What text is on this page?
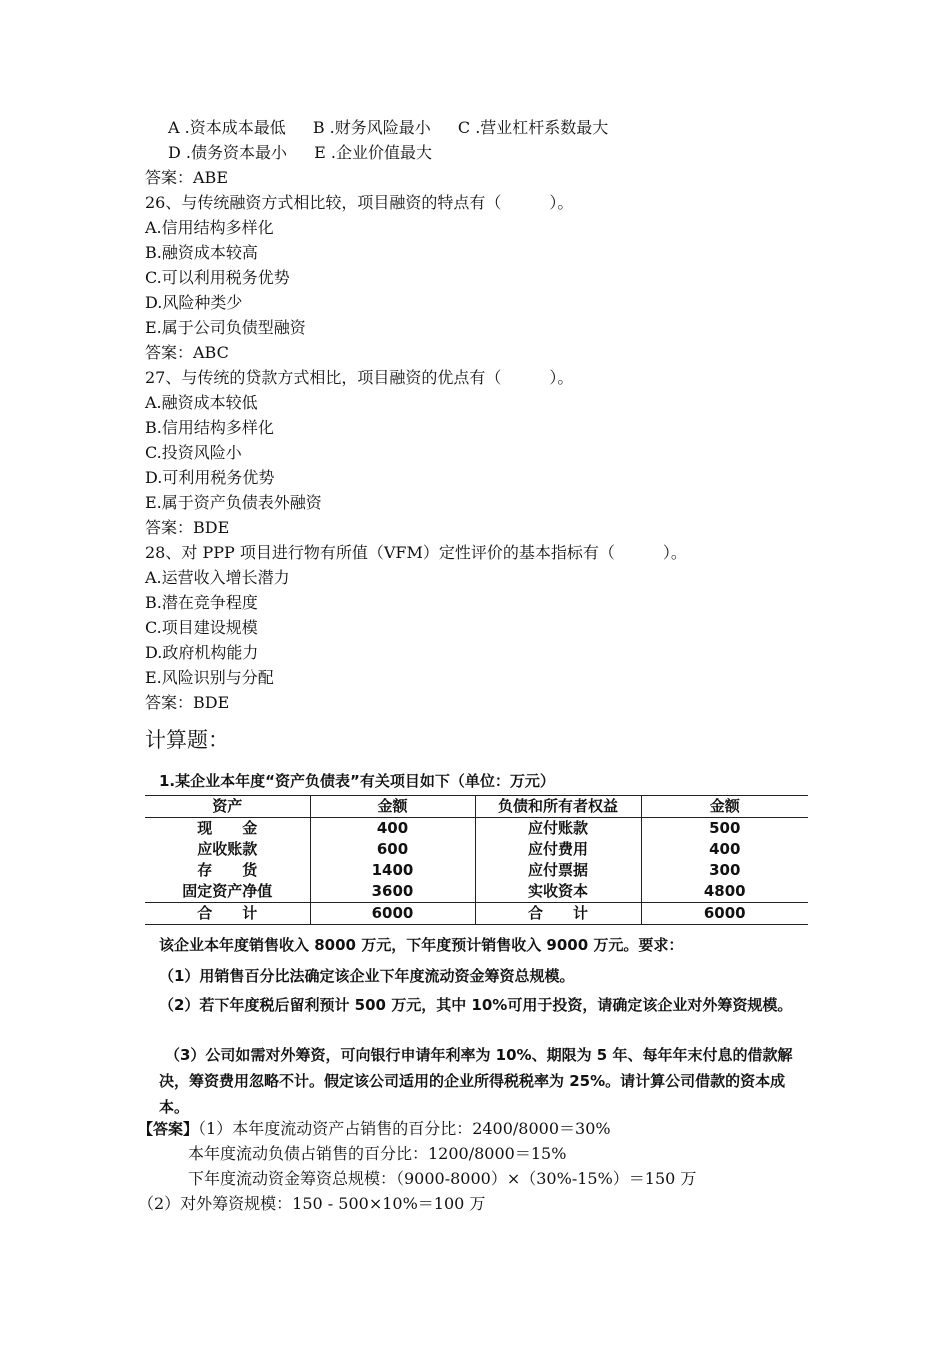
A .资本成本最低 B .财务风险最小 C .营业杠杆系数最大
D .债务资本最小 E .企业价值最大
答案：ABE
26、与传统融资方式相比较，项目融资的特点有（　　　）。
A.信用结构多样化
B.融资成本较高
C.可以利用税务优势
D.风险种类少
E.属于公司负债型融资
答案：ABC
27、与传统的贷款方式相比，项目融资的优点有（　　　）。
A.融资成本较低
B.信用结构多样化
C.投资风险小
D.可利用税务优势
E.属于资产负债表外融资
答案：BDE
28、对 PPP 项目进行物有所值（VFM）定性评价的基本指标有（　　　）。
A.运营收入增长潜力
B.潜在竞争程度
C.项目建设规模
D.政府机构能力
E.风险识别与分配
答案：BDE
计算题：
1.某企业本年度“资产负债表”有关项目如下（单位：万元）
资产	金额	负债和所有者权益	金额
现　　金	400	应付账款	500
应收账款	600	应付费用	400
存　　货	1400	应付票据	300
固定资产净值	3600	实收资本	4800
合　　计	6000	合　　计	6000
该企业本年度销售收入 8000 万元，下年度预计销售收入 9000 万元。要求：
（1）用销售百分比法确定该企业下年度流动资金筹资总规模。
（2）若下年度税后留利预计 500 万元，其中 10%可用于投资，请确定该企业对外筹资规模。
（3）公司如需对外筹资，可向银行申请年利率为 10%、期限为 5 年、每年年末付息的借款解决，筹资费用忽略不计。假定该公司适用的企业所得税税率为 25%。请计算公司借款的资本成本。
【答案】（1）本年度流动资产占销售的百分比：2400/8000＝30%
本年度流动负债占销售的百分比：1200/8000＝15%
下年度流动资金筹资总规模：（9000-8000）×（30%-15%）＝150 万
（2）对外筹资规模：150 - 500×10%＝100 万
